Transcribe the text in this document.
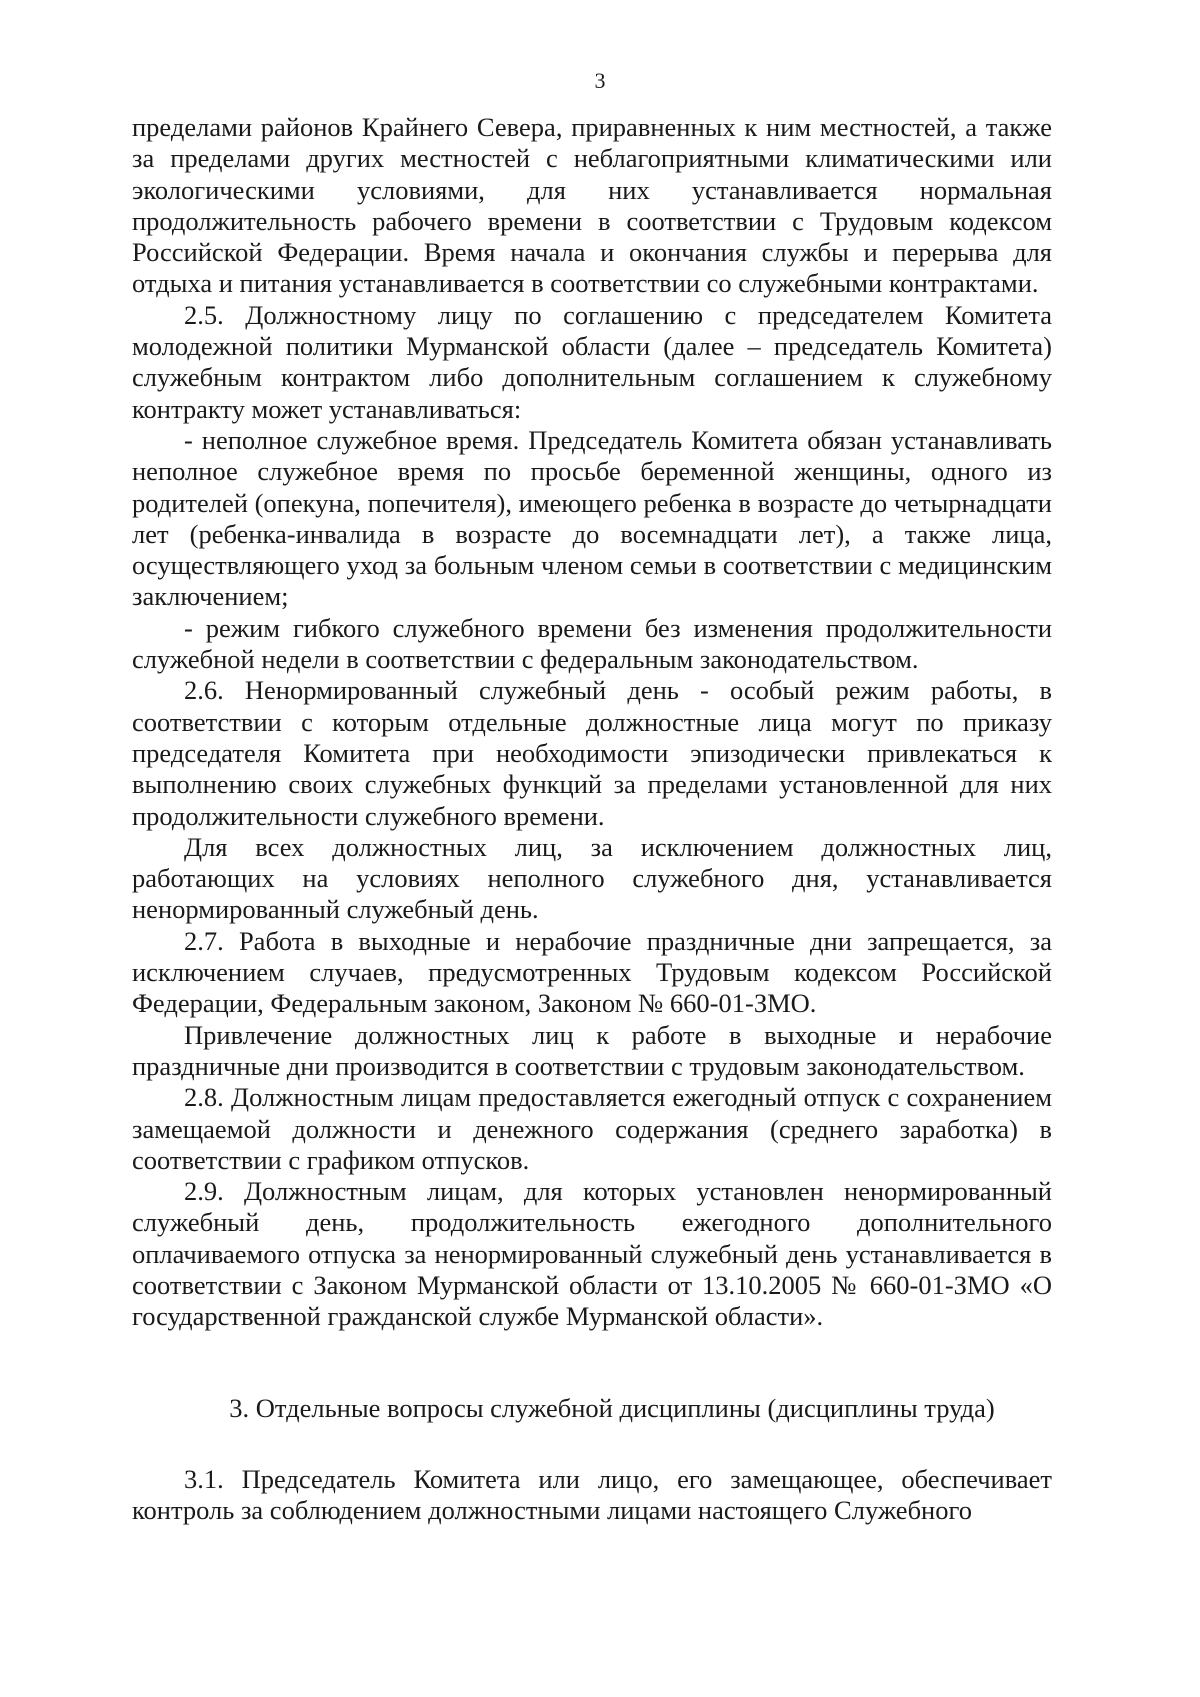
3

пределами районов Крайнего Севера, приравненных к ним местностей, а также за пределами других местностей с неблагоприятными климатическими или экологическими условиями, для них устанавливается нормальная продолжительность рабочего времени в соответствии с Трудовым кодексом Российской Федерации. Время начала и окончания службы и перерыва для отдыха и питания устанавливается в соответствии со служебными контрактами.

2.5. Должностному лицу по соглашению с председателем Комитета молодежной политики Мурманской области (далее – председатель Комитета) служебным контрактом либо дополнительным соглашением к служебному контракту может устанавливаться:

- неполное служебное время. Председатель Комитета обязан устанавливать неполное служебное время по просьбе беременной женщины, одного из родителей (опекуна, попечителя), имеющего ребенка в возрасте до четырнадцати лет (ребенка-инвалида в возрасте до восемнадцати лет), а также лица, осуществляющего уход за больным членом семьи в соответствии с медицинским заключением;

- режим гибкого служебного времени без изменения продолжительности служебной недели в соответствии с федеральным законодательством.

2.6. Ненормированный служебный день - особый режим работы, в соответствии с которым отдельные должностные лица могут по приказу председателя Комитета при необходимости эпизодически привлекаться к выполнению своих служебных функций за пределами установленной для них продолжительности служебного времени.

Для всех должностных лиц, за исключением должностных лиц, работающих на условиях неполного служебного дня, устанавливается ненормированный служебный день.

2.7. Работа в выходные и нерабочие праздничные дни запрещается, за исключением случаев, предусмотренных Трудовым кодексом Российской Федерации, Федеральным законом, Законом № 660-01-ЗМО.

Привлечение должностных лиц к работе в выходные и нерабочие праздничные дни производится в соответствии с трудовым законодательством.

2.8. Должностным лицам предоставляется ежегодный отпуск с сохранением замещаемой должности и денежного содержания (среднего заработка) в соответствии с графиком отпусков.

2.9. Должностным лицам, для которых установлен ненормированный служебный день, продолжительность ежегодного дополнительного оплачиваемого отпуска за ненормированный служебный день устанавливается в соответствии с Законом Мурманской области от 13.10.2005 № 660-01-ЗМО «О государственной гражданской службе Мурманской области».

3. Отдельные вопросы служебной дисциплины (дисциплины труда)

3.1. Председатель Комитета или лицо, его замещающее, обеспечивает контроль за соблюдением должностными лицами настоящего Служебного
